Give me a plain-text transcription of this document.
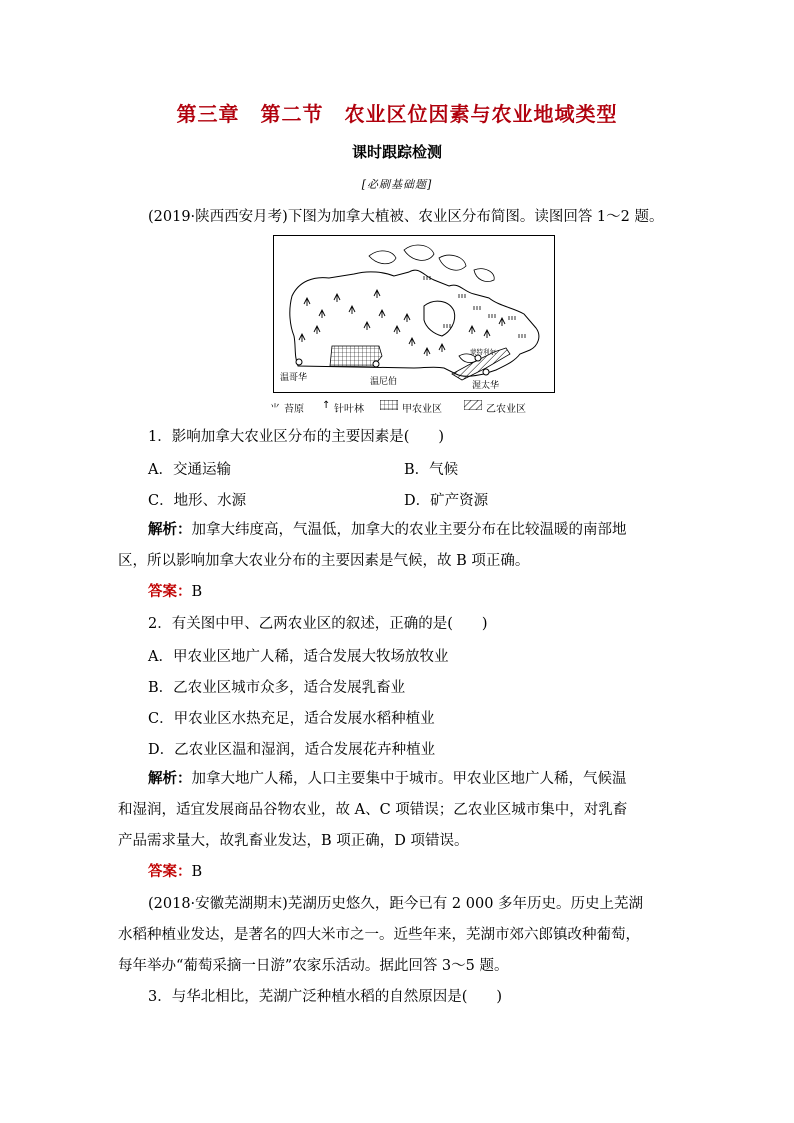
第三章　第二节　农业区位因素与农业地域类型
课时跟踪检测
[必刷基础题]
(2019·陕西西安月考)下图为加拿大植被、农业区分布简图。读图回答 1～2 题。
温哥华	温尼伯
蒙特利尔
渥太华
⺌ 苔原 ↑ 针叶林	甲农业区	乙农业区
1．影响加拿大农业区分布的主要因素是(　　)
A．交通运输	B．气候
C．地形、水源	D．矿产资源
解析：加拿大纬度高，气温低，加拿大的农业主要分布在比较温暖的南部地
区，所以影响加拿大农业分布的主要因素是气候，故 B 项正确。
答案：B
2．有关图中甲、乙两农业区的叙述，正确的是(　　)
A．甲农业区地广人稀，适合发展大牧场放牧业
B．乙农业区城市众多，适合发展乳畜业
C．甲农业区水热充足，适合发展水稻种植业
D．乙农业区温和湿润，适合发展花卉种植业
解析：加拿大地广人稀，人口主要集中于城市。甲农业区地广人稀，气候温
和湿润，适宜发展商品谷物农业，故 A、C 项错误；乙农业区城市集中，对乳畜
产品需求量大，故乳畜业发达，B 项正确，D 项错误。
答案：B
(2018·安徽芜湖期末)芜湖历史悠久，距今已有 2 000 多年历史。历史上芜湖
水稻种植业发达，是著名的四大米市之一。近些年来，芜湖市郊六郎镇改种葡萄，
每年举办“葡萄采摘一日游”农家乐活动。据此回答 3～5 题。
3．与华北相比，芜湖广泛种植水稻的自然原因是(　　)
